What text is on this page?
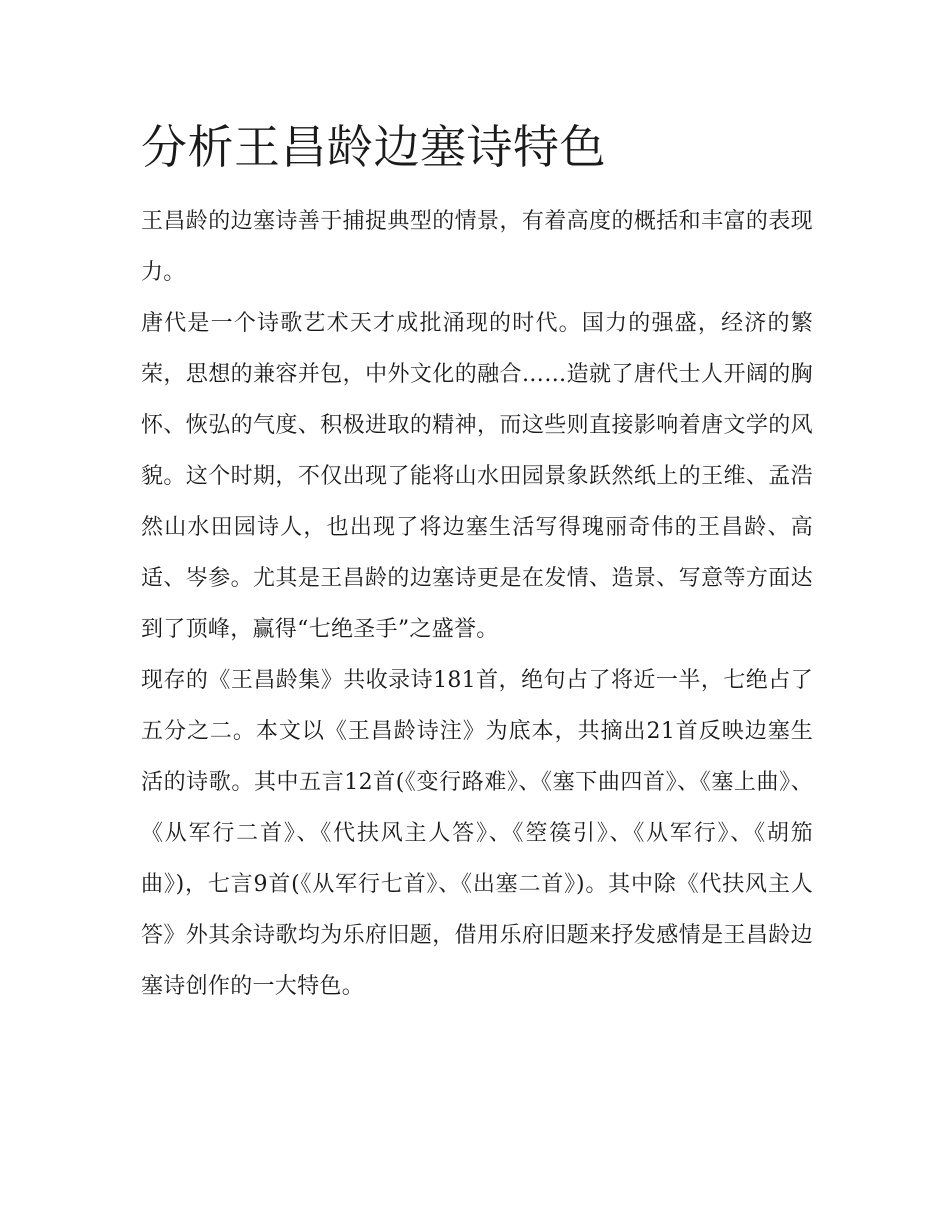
分析王昌龄边塞诗特色

王昌龄的边塞诗善于捕捉典型的情景，有着高度的概括和丰富的表现力。

唐代是一个诗歌艺术天才成批涌现的时代。国力的强盛，经济的繁荣，思想的兼容并包，中外文化的融合……造就了唐代士人开阔的胸怀、恢弘的气度、积极进取的精神，而这些则直接影响着唐文学的风貌。这个时期，不仅出现了能将山水田园景象跃然纸上的王维、孟浩然山水田园诗人，也出现了将边塞生活写得瑰丽奇伟的王昌龄、高适、岑参。尤其是王昌龄的边塞诗更是在发情、造景、写意等方面达到了顶峰，赢得“七绝圣手”之盛誉。

现存的《王昌龄集》共收录诗181首，绝句占了将近一半，七绝占了五分之二。本文以《王昌龄诗注》为底本，共摘出21首反映边塞生活的诗歌。其中五言12首(《变行路难》、《塞下曲四首》、《塞上曲》、《从军行二首》、《代扶风主人答》、《箜篌引》、《从军行》、《胡笳曲》)，七言9首(《从军行七首》、《出塞二首》)。其中除《代扶风主人答》外其余诗歌均为乐府旧题，借用乐府旧题来抒发感情是王昌龄边塞诗创作的一大特色。
